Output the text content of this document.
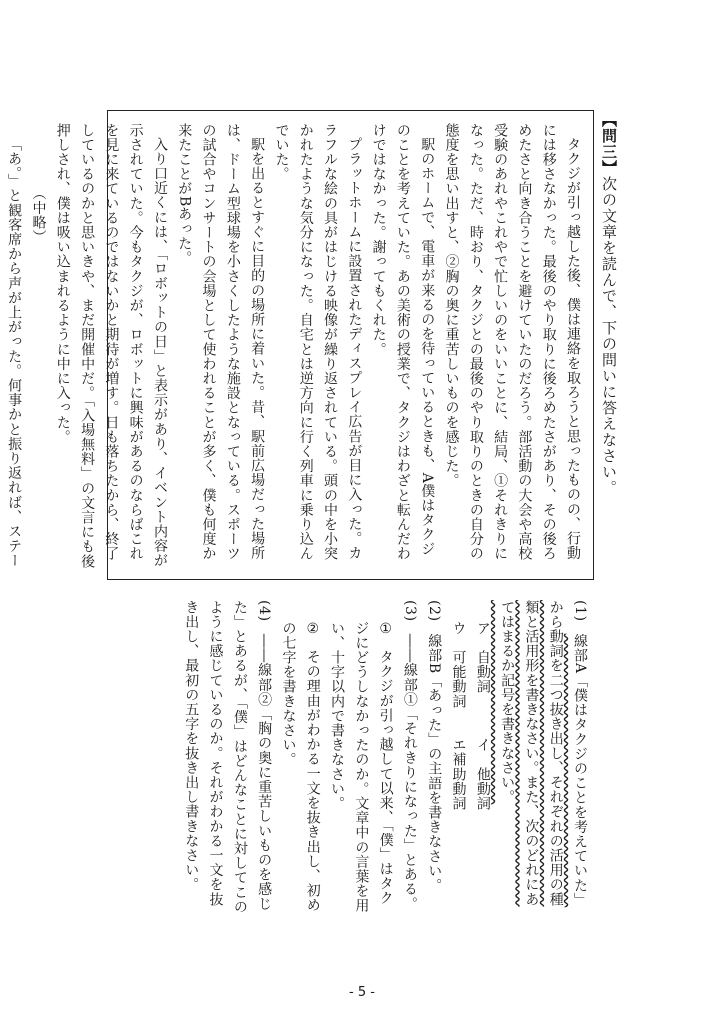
【問三】次の文章を読んで、下の問いに答えなさい。

タクジが引っ越した後、僕は連絡を取ろうと思ったものの、行動には移さなかった。最後のやり取りに後ろめたさがあり、その後ろめたさと向き合うことを避けていたのだろう。部活動の大会や高校受験のあれやこれやで忙しいのをいいことに、結局、①それきりになった。ただ、時おり、タクジとの最後のやり取りのときの自分の態度を思い出すと、②胸の奥に重苦しいものを感じた。

駅のホームで、電車が来るのを待っているときも、A僕はタクジのことを考えていた。あの美術の授業で、タクジはわざと転んだわけではなかった。謝ってもくれた。

プラットホームに設置されたディスプレイ広告が目に入った。カラフルな絵の具がはじける映像が繰り返されている。頭の中を小突かれたような気分になった。自宅とは逆方向に行く列車に乗り込んでいた。

駅を出るとすぐに目的の場所に着いた。昔、駅前広場だった場所は、ドーム型球場を小さくしたような施設となっている。スポーツの試合やコンサートの会場として使われることが多く、僕も何度か来たことがBあった。

入り口近くには、「ロボットの日」と表示があり、イベント内容が示されていた。今もタクジが、ロボットに興味があるのならばこれを見に来ているのではないかと期待が増す。日も落ちたから、終了しているのかと思いきや、まだ開催中だ。「入場無料」の文言にも後押しされ、僕は吸い込まれるように中に入った。

（中略）

「あ。」と観客席から声が上がった。何事かと振り返れば、ステー

(1) 線部A「僕はタクジのことを考えていた」から動詞を二つ抜き出し、それぞれの活用の種類と活用形を書きなさい。また、次のどれにあてはまるか記号を書きなさい。

ア　自動詞　　　イ　他動詞

ウ　可能動詞　　エ補助動詞

(2) 線部B「あった」の主語を書きなさい。

(3) ――線部①「それきりになった」とある。

① タクジが引っ越して以来、「僕」はタクジにどうしなかったのか。文章中の言葉を用い、十字以内で書きなさい。

② その理由がわかる一文を抜き出し、初めの七字を書きなさい。

(4) ――線部②「胸の奥に重苦しいものを感じた」とあるが、「僕」はどんなことに対してこのように感じているのか。それがわかる一文を抜き出し、最初の五字を抜き出し書きなさい。

- 5 -
